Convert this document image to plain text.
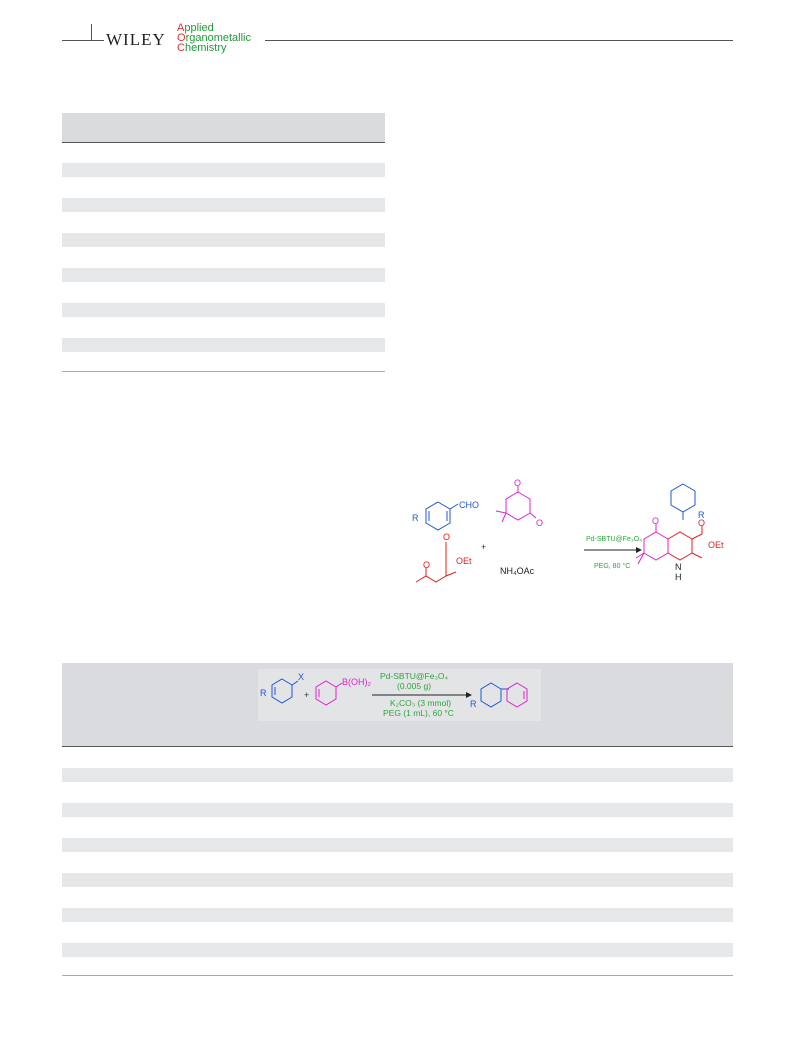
WILEY
Applied
Organometallic
Chemistry
R
CHO
O
O
O
O	OEt
+
NH₄OAc
Pd-SBTU@Fe₃O₄
PEG, 80 °C
R
O	O
OEt
N
H
R
X
+
B(OH)₂
Pd-SBTU@Fe₃O₄
(0.005 g)
K₂CO₃ (3 mmol)
PEG (1 mL), 60 °C
R
